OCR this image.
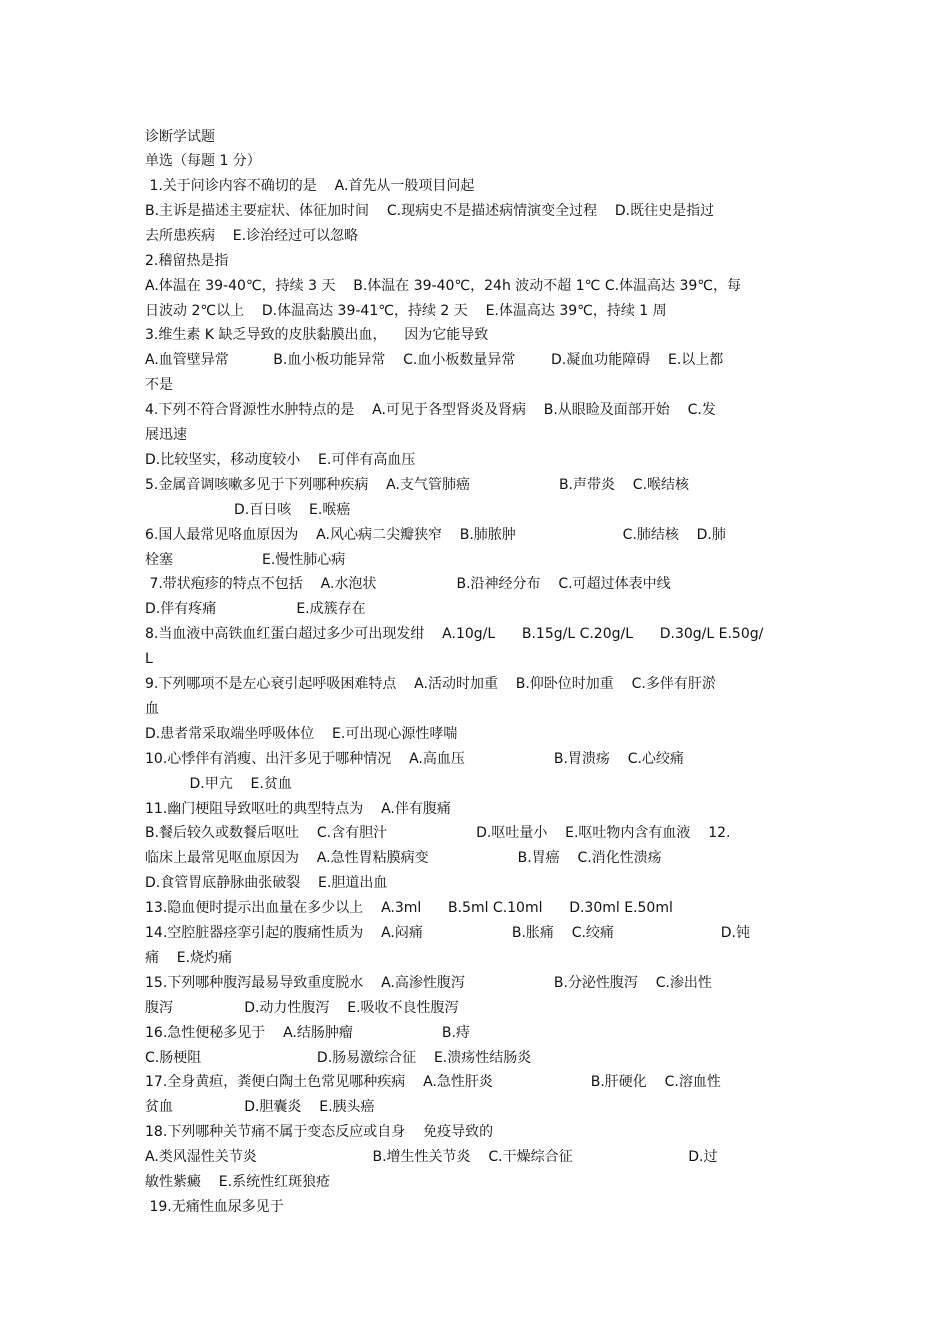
诊断学试题
单选（每题 1 分）
1.关于问诊内容不确切的是    A.首先从一般项目问起
B.主诉是描述主要症状、体征加时间    C.现病史不是描述病情演变全过程    D.既往史是指过
去所患疾病    E.诊治经过可以忽略
2.稽留热是指
A.体温在 39-40℃，持续 3 天    B.体温在 39-40℃，24h 波动不超 1℃ C.体温高达 39℃，每
日波动 2℃以上    D.体温高达 39-41℃，持续 2 天    E.体温高达 39℃，持续 1 周
3.维生素 K 缺乏导致的皮肤黏膜出血，    因为它能导致
A.血管壁异常          B.血小板功能异常    C.血小板数量异常        D.凝血功能障碍    E.以上都
不是
4.下列不符合肾源性水肿特点的是    A.可见于各型肾炎及肾病    B.从眼睑及面部开始    C.发
展迅速
D.比较坚实，移动度较小    E.可伴有高血压
5.金属音调咳嗽多见于下列哪种疾病    A.支气管肺癌                    B.声带炎    C.喉结核
D.百日咳    E.喉癌
6.国人最常见咯血原因为    A.风心病二尖瓣狭窄    B.肺脓肿                        C.肺结核    D.肺
栓塞                    E.慢性肺心病
7.带状疱疹的特点不包括    A.水泡状                  B.沿神经分布    C.可超过体表中线
D.伴有疼痛                  E.成簇存在
8.当血液中高铁血红蛋白超过多少可出现发绀    A.10g/L      B.15g/L C.20g/L      D.30g/L E.50g/
L
9.下列哪项不是左心衰引起呼吸困难特点    A.活动时加重    B.仰卧位时加重    C.多伴有肝淤
血
D.患者常采取端坐呼吸体位    E.可出现心源性哮喘
10.心悸伴有消瘦、出汗多见于哪种情况    A.高血压                    B.胃溃疡    C.心绞痛
D.甲亢    E.贫血
11.幽门梗阻导致呕吐的典型特点为    A.伴有腹痛
B.餐后较久或数餐后呕吐    C.含有胆汁                    D.呕吐量小    E.呕吐物内含有血液    12.
临床上最常见呕血原因为    A.急性胃粘膜病变                    B.胃癌    C.消化性溃疡
D.食管胃底静脉曲张破裂    E.胆道出血
13.隐血便时提示出血量在多少以上    A.3ml      B.5ml C.10ml      D.30ml E.50ml
14.空腔脏器痉挛引起的腹痛性质为    A.闷痛                    B.胀痛    C.绞痛                        D.钝
痛    E.烧灼痛
15.下列哪种腹泻最易导致重度脱水    A.高渗性腹泻                    B.分泌性腹泻    C.渗出性
腹泻                D.动力性腹泻    E.吸收不良性腹泻
16.急性便秘多见于    A.结肠肿瘤                    B.痔
C.肠梗阻                          D.肠易激综合征    E.溃疡性结肠炎
17.全身黄疸，粪便白陶土色常见哪种疾病    A.急性肝炎                      B.肝硬化    C.溶血性
贫血                D.胆囊炎    E.胰头癌
18.下列哪种关节痛不属于变态反应或自身    免疫导致的
A.类风湿性关节炎                          B.增生性关节炎    C.干燥综合征                          D.过
敏性紫癜    E.系统性红斑狼疮
19.无痛性血尿多见于
